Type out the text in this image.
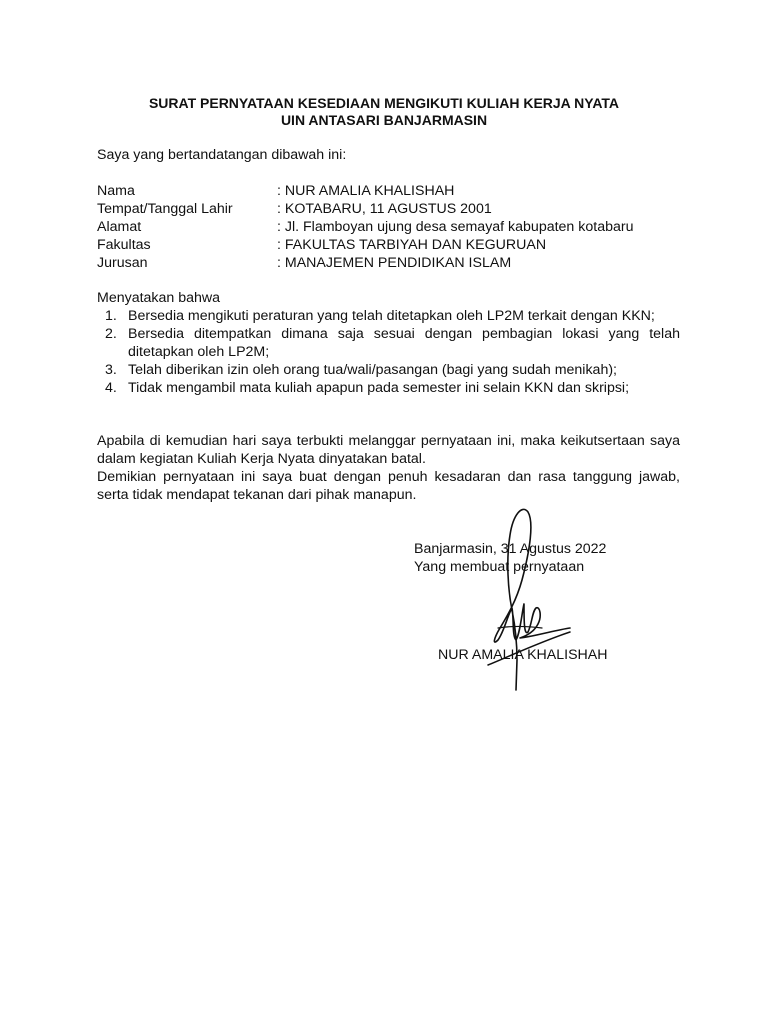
SURAT PERNYATAAN KESEDIAAN MENGIKUTI KULIAH KERJA NYATA
UIN ANTASARI BANJARMASIN
Saya yang bertandatangan dibawah ini:
Nama	: NUR AMALIA KHALISHAH
Tempat/Tanggal Lahir	: KOTABARU, 11 AGUSTUS 2001
Alamat	: Jl. Flamboyan ujung desa semayaf kabupaten kotabaru
Fakultas	: FAKULTAS TARBIYAH DAN KEGURUAN
Jurusan	: MANAJEMEN PENDIDIKAN ISLAM
Menyatakan bahwa
1. Bersedia mengikuti peraturan yang telah ditetapkan oleh LP2M terkait dengan KKN;
2. Bersedia ditempatkan dimana saja sesuai dengan pembagian lokasi yang telah ditetapkan oleh LP2M;
3. Telah diberikan izin oleh orang tua/wali/pasangan (bagi yang sudah menikah);
4. Tidak mengambil mata kuliah apapun pada semester ini selain KKN dan skripsi;

Apabila di kemudian hari saya terbukti melanggar pernyataan ini, maka keikutsertaan saya dalam kegiatan Kuliah Kerja Nyata dinyatakan batal.

Demikian pernyataan ini saya buat dengan penuh kesadaran dan rasa tanggung jawab, serta tidak mendapat tekanan dari pihak manapun.

Banjarmasin, 31 Agustus 2022
Yang membuat pernyataan
NUR AMALIA KHALISHAH
